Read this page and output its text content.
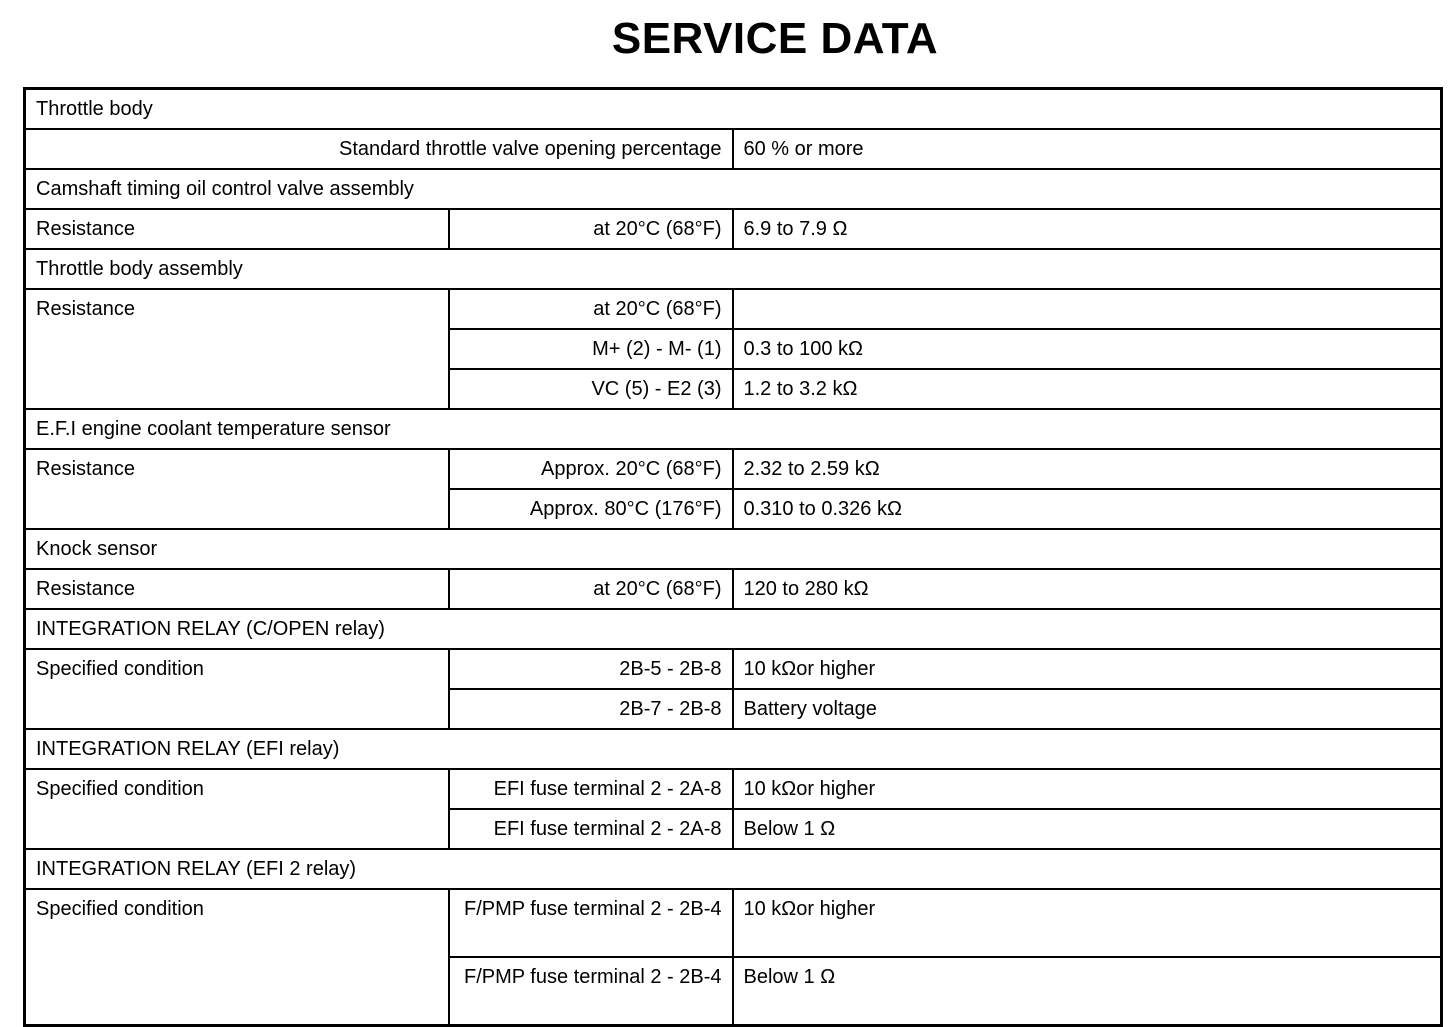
SERVICE DATA
Throttle body		
Standard throttle valve opening percentage		60 % or more
Camshaft timing oil control valve assembly		
Resistance	at 20°C (68°F)	6.9 to 7.9 Ω
Throttle body assembly		
Resistance	at 20°C (68°F)	
	M+ (2) - M- (1)	0.3 to 100 kΩ
	VC (5) - E2 (3)	1.2 to 3.2 kΩ
E.F.I engine coolant temperature sensor		
Resistance	Approx. 20°C (68°F)	2.32 to 2.59 kΩ
	Approx. 80°C (176°F)	0.310 to 0.326 kΩ
Knock sensor		
Resistance	at 20°C (68°F)	120 to 280 kΩ
INTEGRATION RELAY (C/OPEN relay)		
Specified condition	2B-5 - 2B-8	10 kΩor higher
	2B-7 - 2B-8	Battery voltage
INTEGRATION RELAY (EFI relay)		
Specified condition	EFI fuse terminal 2 - 2A-8	10 kΩor higher
	EFI fuse terminal 2 - 2A-8	Below 1 Ω
INTEGRATION RELAY (EFI 2 relay)		
Specified condition	F/PMP fuse terminal 2 - 2B-4	10 kΩor higher
	F/PMP fuse terminal 2 - 2B-4	Below 1 Ω
